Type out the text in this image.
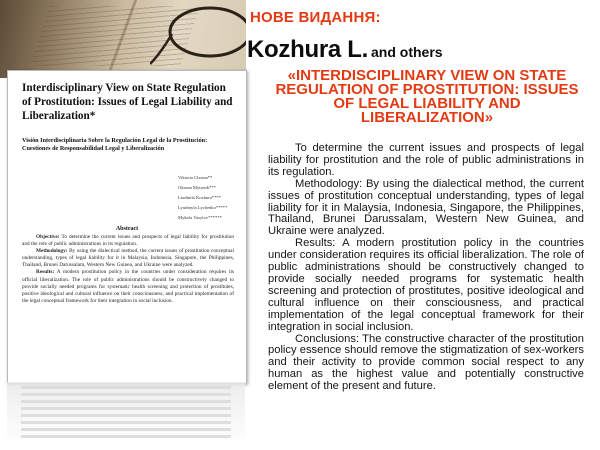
Interdisciplinary View on State Regulation of Prostitution: Issues of Legal Liability and Liberalization*
Visión Interdisciplinaria Sobre la Regulación Legal de la Prostitución: Cuestiones de Responsabilidad Legal y Liberalización
Viktoria Chorna**
Oksana Mytsenk***
Liudmila Kozhura****
Lyudmyla Lychenko*****
Mykola Vasylov******
Abstract

Objective: To determine the current issues and prospects of legal liability for prostitution and the role of public administrations in its regulation.

Methodology: By using the dialectical method, the current issues of prostitution conceptual understanding, types of legal liability for it in Malaysia, Indonesia, Singapore, the Philippines, Thailand, Brunei Darussalam, Western New Guinea, and Ukraine were analyzed.

Results: A modern prostitution policy in the countries under consideration requires its official liberalization. The role of public administrations should be constructively changed to provide socially needed programs for systematic health screening and protection of prostitutes, positive ideological and cultural influence on their consciousness, and practical implementation of the legal conceptual framework for their integration in social inclusion.

НОВЕ ВИДАННЯ:
Kozhura L. and others
«INTERDISCIPLINARY VIEW ON STATE REGULATION OF PROSTITUTION: ISSUES OF LEGAL LIABILITY AND LIBERALIZATION»

To determine the current issues and prospects of legal liability for prostitution and the role of public administrations in its regulation.

Methodology: By using the dialectical method, the current issues of prostitution conceptual understanding, types of legal liability for it in Malaysia, Indonesia, Singapore, the Philippines, Thailand, Brunei Darussalam, Western New Guinea, and Ukraine were analyzed.

Results: A modern prostitution policy in the countries under consideration requires its official liberalization. The role of public administrations should be constructively changed to provide socially needed programs for systematic health screening and protection of prostitutes, positive ideological and cultural influence on their consciousness, and practical implementation of the legal conceptual framework for their integration in social inclusion.

Conclusions: The constructive character of the prostitution policy essence should remove the stigmatization of sex-workers and their activity to provide common social respect to any human as the highest value and potentially constructive element of the present and future.
